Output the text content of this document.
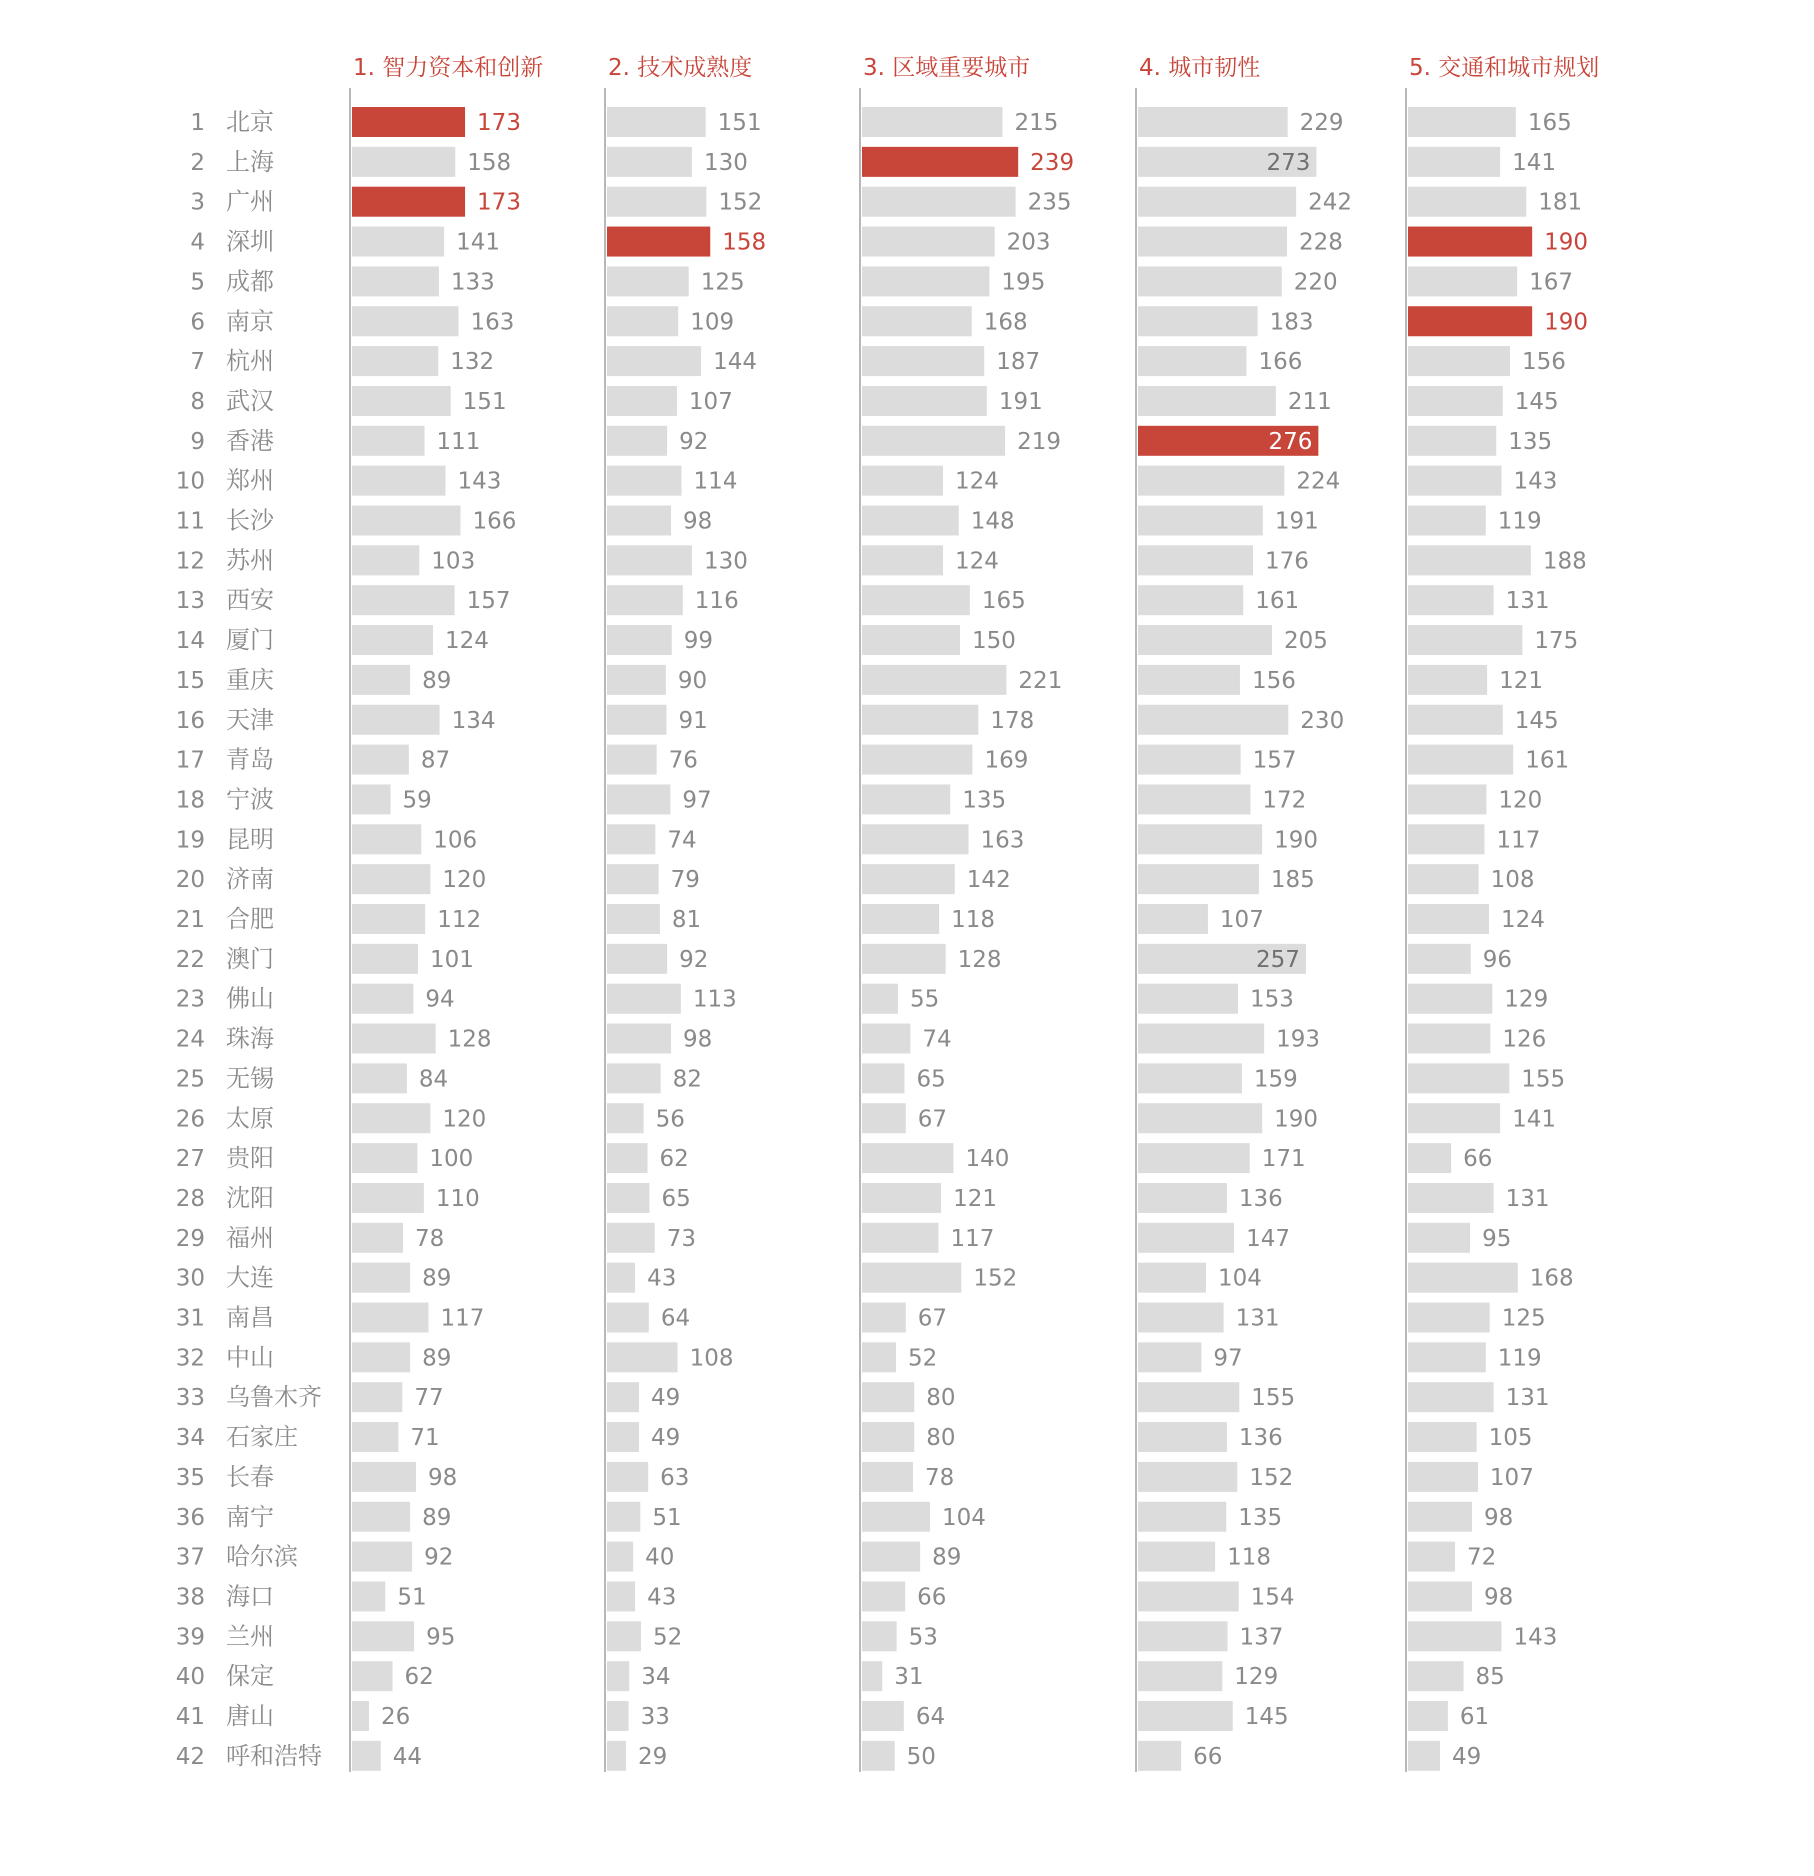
1 北京
2 上海
3 广州
4 深圳
5 成都
6 南京
7 杭州
8 武汉
9 香港
10 郑州
11 长沙
12 苏州
13 西安
14 厦门
15 重庆
16 天津
17 青岛
18 宁波
19 昆明
20 济南
21 合肥
22 澳门
23 佛山
24 珠海
25 无锡
26 太原
27 贵阳
28 沈阳
29 福州
30 大连
31 南昌
32 中山
33 乌鲁木齐
34 石家庄
35 长春
36 南宁
37 哈尔滨
38 海口
39 兰州
40 保定
41 唐山
42 呼和浩特
1. 智力资本和创新
173
158
173
141
133
163
132
151
111
143
166
103
157
124
89
134
87
59
106
120
112
101
94
128
84
120
100
110
78
89
117
89
77
71
98
89
92
51
95
62
26
44
2. 技术成熟度
151
130
152
158
125
109
144
107
92
114
98
130
116
99
90
91
76
97
74
79
81
92
113
98
82
56
62
65
73
43
64
108
49
49
63
51
40
43
52
34
33
29
3. 区域重要城市
215
239
235
203
195
168
187
191
219
124
148
124
165
150
221
178
169
135
163
142
118
128
55
74
65
67
140
121
117
152
67
52
80
80
78
104
89
66
53
31
64
50
4. 城市韧性
229
273
242
228
220
183
166
211
276
224
191
176
161
205
156
230
157
172
190
185
107
257
153
193
159
190
171
136
147
104
131
97
155
136
152
135
118
154
137
129
145
66
5. 交通和城市规划
165
141
181
190
167
190
156
145
135
143
119
188
131
175
121
145
161
120
117
108
124
96
129
126
155
141
66
131
95
168
125
119
131
105
107
98
72
98
143
85
61
49
